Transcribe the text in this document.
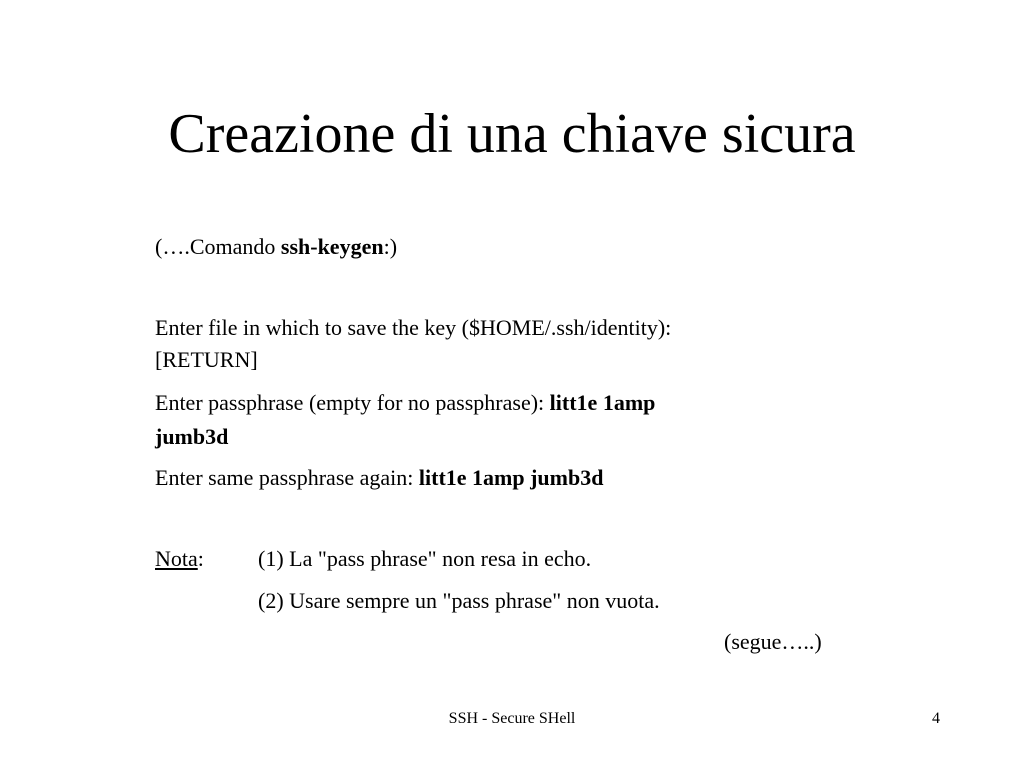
Creazione di una chiave sicura
(….Comando ssh-keygen:)
Enter file in which to save the key ($HOME/.ssh/identity):
[RETURN]
Enter passphrase (empty for no passphrase): litt1e 1amp
jumb3d
Enter same passphrase again: litt1e 1amp jumb3d
Nota: (1) La "pass phrase" non resa in echo.
(2) Usare sempre un "pass phrase" non vuota.
(segue…..)
SSH - Secure SHell	4
